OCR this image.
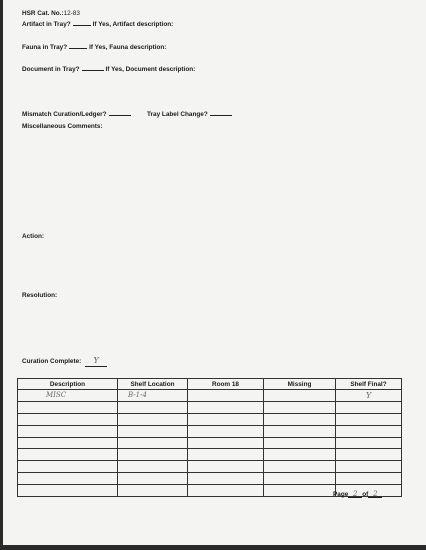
HSR Cat. No.:12-83
Artifact in Tray?	If Yes, Artifact description:
Fauna in Tray?	If Yes, Fauna description:
Document in Tray?	If Yes, Document description:
Mismatch Curation/Ledger?	Tray Label Change?
Miscellaneous Comments:
Action:
Resolution:
Curation Complete: Y
Description	Shelf Location	Room 18	Missing	Shelf Final?
MISC	B-1-4			Y

Page 2 of 2
